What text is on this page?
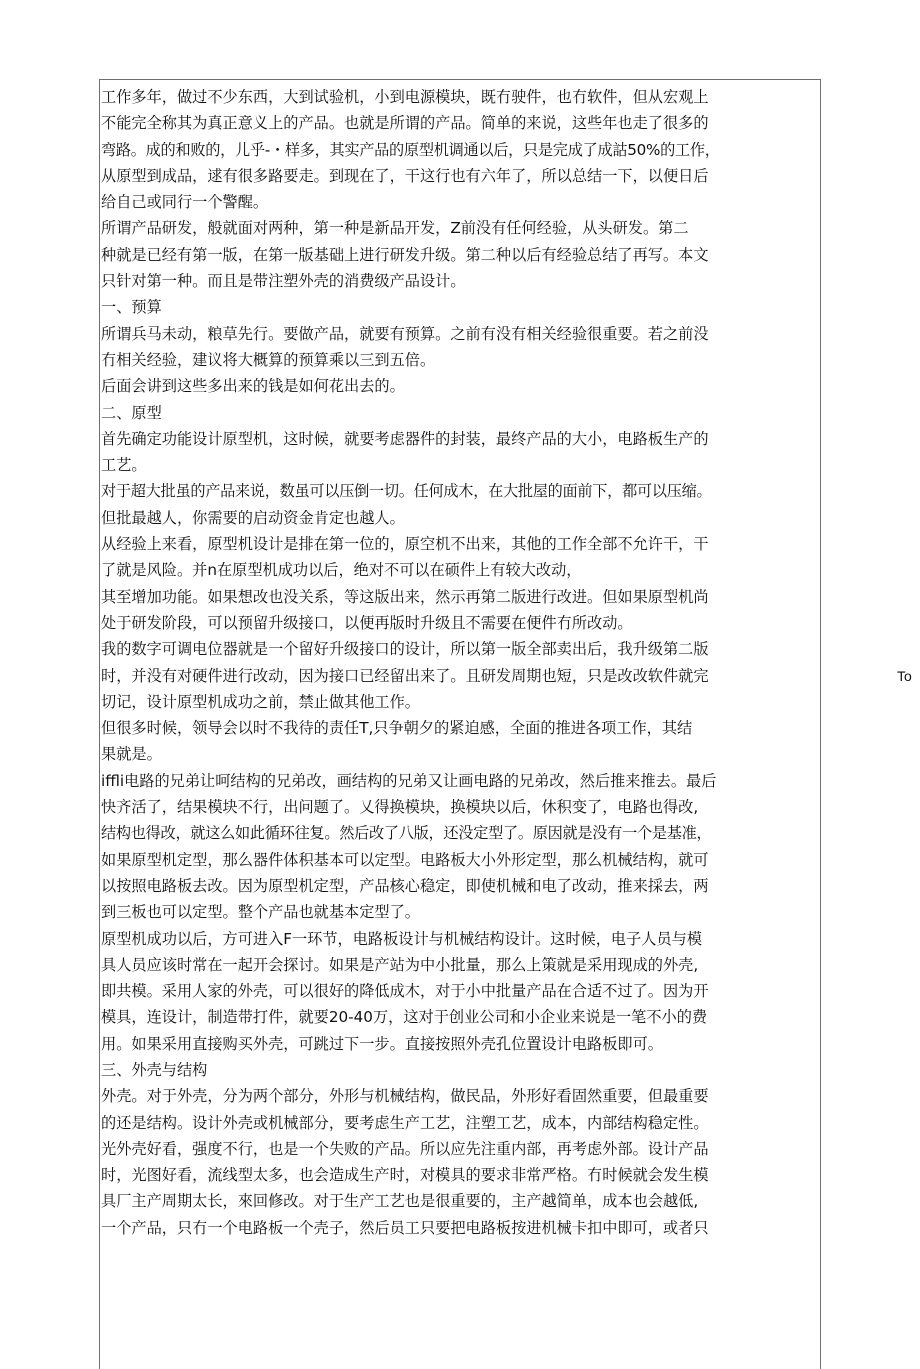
工作多年，做过不少东西，大到试验机，小到电源模块，既冇驶件，也冇软件，但从宏观上
不能完全称其为真正意义上的产品。也就是所谓的产品。简单的来说，这些年也走了很多的
弯路。成的和败的，儿乎-・样多，其实产品的原型机调通以后，只是完成了成詁50%的工作，
从原型到成品，逑有很多路要走。到现在了，干这行也有六年了，所以总结一下，以便日后
给自己或同行一个警醒。
所谓产品研发，般就面对两种，第一种是新品开发，Z前没有任何经验，从头研发。第二
种就是已经有第一版，在第一版基础上进行研发升级。第二种以后有经验总结了再写。本文
只针对第一种。而且是带注塑外壳的消费级产品设计。
一、预算
所谓兵马未动，粮草先行。要做产品，就要有预算。之前有没有相关经验很重要。若之前没
冇相关经验，建议将大概算的预算乘以三到五倍。
后面会讲到这些多出来的钱是如何花出去的。
二、原型
首先确定功能设计原型机，这时候，就要考虑器件的封装，最终产品的大小，电路板生产的
工艺。
对于超大批虽的产品来说，数虽可以压倒一切。任何成木，在大批屋的面前下，都可以压缩。
但批最越人，你需要的启动资金肯定也越人。
从经验上来看，原型机设计是排在第一位的，原空机不出来，其他的工作全部不允许干，干
了就是风险。并n在原型机成功以后，绝对不可以在硕件上有较大改动，
其至增加功能。如果想改也没关系，等这版出来，然示再第二版进行改进。但如果原型机尚
处于研发阶段，可以预留升级接口，以便再版时升级且不需要在便件冇所改动。
我的数字可调电位器就是一个留好升级接口的设计，所以第一版全部卖出后，我升级第二版
时，并没有对硬件进行改动，因为接口已经留出来了。且研发周期也短，只是改改软件就完	To
切记，设计原型机成功之前，禁止做其他工作。
但很多时候，领导会以时不我待的责任T,只争朝夕的紧迫感，全面的推进各项工作，其结
果就是。
iffli电路的兄弟让呵结构的兄弟改，画结构的兄弟又让画电路的兄弟改，然后推来推去。最后
快齐活了，结果模块不行，出问题了。乂得换模块，换模块以后，休积变了，电路也得改,
结构也得改，就这么如此循环往复。然后改了八版，还没定型了。原因就是没有一个是基准，
如果原型机定型，那么器件体积基本可以定型。电路板大小外形定型，那么机械结构，就可
以按照电路板去改。因为原型机定型，产品核心稳定，即使机械和电了改动，推来採去，两
到三板也可以定型。整个产品也就基本定型了。
原型机成功以后，方可进入F一环节，电路板设计与机械结构设计。这时候，电子人员与模
具人员应该时常在一起开会探讨。如果是产站为中小批量，那么上策就是采用现成的外壳,
即共模。采用人家的外壳，可以很好的降低成木，对于小中批量产品在合适不过了。因为开
模具，连设计，制造带打件，就要20-40万，这对于创业公司和小企业来说是一笔不小的费
用。如果采用直接购买外壳，可跳过下一步。直接按照外壳孔位置设计电路板即可。
三、外壳与结构
外壳。对于外壳，分为两个部分，外形与机械结构，做民品，外形好看固然重要，但最重要
的还是结构。设计外壳或机械部分，要考虑生产工艺，注塑工艺，成本，内部结构稳定性。
光外壳好看，强度不行，也是一个失败的产品。所以应先注重内部，再考虑外部。设计产品
时，光图好看，流线型太多，也会造成生产时，对模具的要求非常严格。冇时候就会发生模
具厂主产周期太长，來回修改。对于生产工艺也是很重要的，主产越简单，成本也会越低,
一个产品，只冇一个电路板一个壳子，然后员工只要把电路板按进机械卡扣中即可，或者只
